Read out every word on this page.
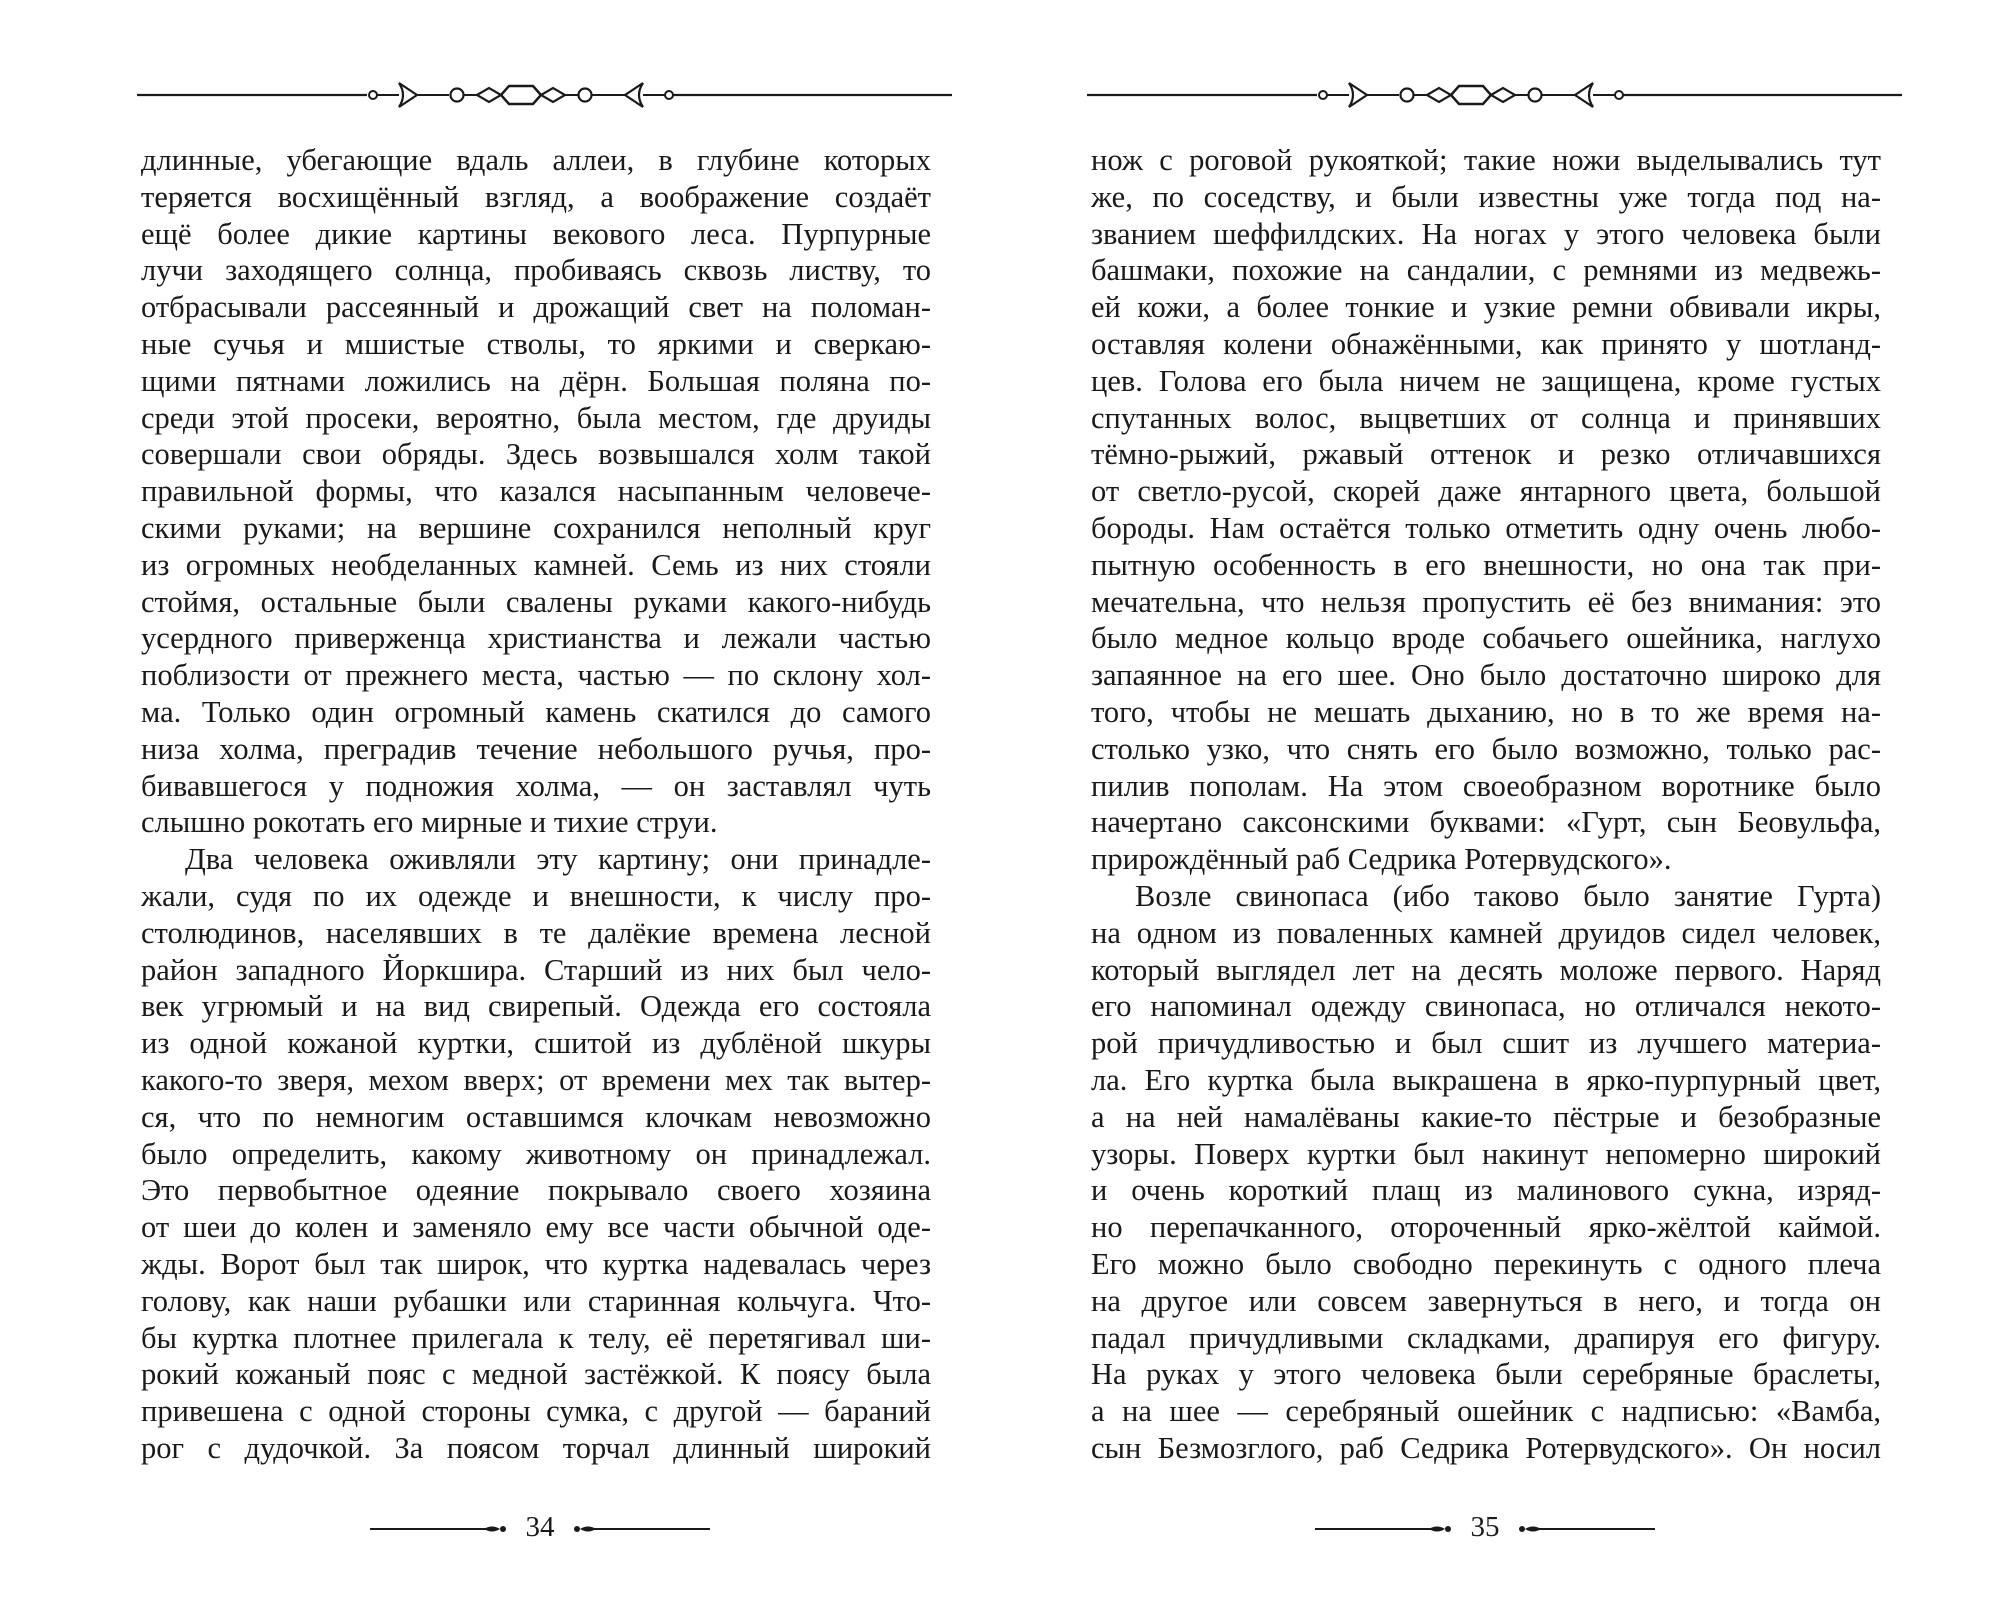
длинные, убегающие вдаль аллеи, в глубине которых
теряется восхищённый взгляд, а воображение создаёт
ещё более дикие картины векового леса. Пурпурные
лучи заходящего солнца, пробиваясь сквозь листву, то
отбрасывали рассеянный и дрожащий свет на поломан-
ные сучья и мшистые стволы, то яркими и сверкаю-
щими пятнами ложились на дёрн. Большая поляна по-
среди этой просеки, вероятно, была местом, где друиды
совершали свои обряды. Здесь возвышался холм такой
правильной формы, что казался насыпанным человече-
скими руками; на вершине сохранился неполный круг
из огромных необделанных камней. Семь из них стояли
стоймя, остальные были свалены руками какого-нибудь
усердного приверженца христианства и лежали частью
поблизости от прежнего места, частью — по склону хол-
ма. Только один огромный камень скатился до самого
низа холма, преградив течение небольшого ручья, про-
бивавшегося у подножия холма, — он заставлял чуть
слышно рокотать его мирные и тихие струи.
Два человека оживляли эту картину; они принадле-
жали, судя по их одежде и внешности, к числу про-
столюдинов, населявших в те далёкие времена лесной
район западного Йоркшира. Старший из них был чело-
век угрюмый и на вид свирепый. Одежда его состояла
из одной кожаной куртки, сшитой из дублёной шкуры
какого-то зверя, мехом вверх; от времени мех так вытер-
ся, что по немногим оставшимся клочкам невозможно
было определить, какому животному он принадлежал.
Это первобытное одеяние покрывало своего хозяина
от шеи до колен и заменяло ему все части обычной оде-
жды. Ворот был так широк, что куртка надевалась через
голову, как наши рубашки или старинная кольчуга. Что-
бы куртка плотнее прилегала к телу, её перетягивал ши-
рокий кожаный пояс с медной застёжкой. К поясу была
привешена с одной стороны сумка, с другой — бараний
рог с дудочкой. За поясом торчал длинный широкий
34
нож с роговой рукояткой; такие ножи выделывались тут
же, по соседству, и были известны уже тогда под на-
званием шеффилдских. На ногах у этого человека были
башмаки, похожие на сандалии, с ремнями из медвежь-
ей кожи, а более тонкие и узкие ремни обвивали икры,
оставляя колени обнажёнными, как принято у шотланд-
цев. Голова его была ничем не защищена, кроме густых
спутанных волос, выцветших от солнца и принявших
тёмно-рыжий, ржавый оттенок и резко отличавшихся
от светло-русой, скорей даже янтарного цвета, большой
бороды. Нам остаётся только отметить одну очень любо-
пытную особенность в его внешности, но она так при-
мечательна, что нельзя пропустить её без внимания: это
было медное кольцо вроде собачьего ошейника, наглухо
запаянное на его шее. Оно было достаточно широко для
того, чтобы не мешать дыханию, но в то же время на-
столько узко, что снять его было возможно, только рас-
пилив пополам. На этом своеобразном воротнике было
начертано саксонскими буквами: «Гурт, сын Беовульфа,
прирождённый раб Седрика Ротервудского».
Возле свинопаса (ибо таково было занятие Гурта)
на одном из поваленных камней друидов сидел человек,
который выглядел лет на десять моложе первого. Наряд
его напоминал одежду свинопаса, но отличался некото-
рой причудливостью и был сшит из лучшего материа-
ла. Его куртка была выкрашена в ярко-пурпурный цвет,
а на ней намалёваны какие-то пёстрые и безобразные
узоры. Поверх куртки был накинут непомерно широкий
и очень короткий плащ из малинового сукна, изряд-
но перепачканного, отороченный ярко-жёлтой каймой.
Его можно было свободно перекинуть с одного плеча
на другое или совсем завернуться в него, и тогда он
падал причудливыми складками, драпируя его фигуру.
На руках у этого человека были серебряные браслеты,
а на шее — серебряный ошейник с надписью: «Вамба,
сын Безмозглого, раб Седрика Ротервудского». Он носил
35
